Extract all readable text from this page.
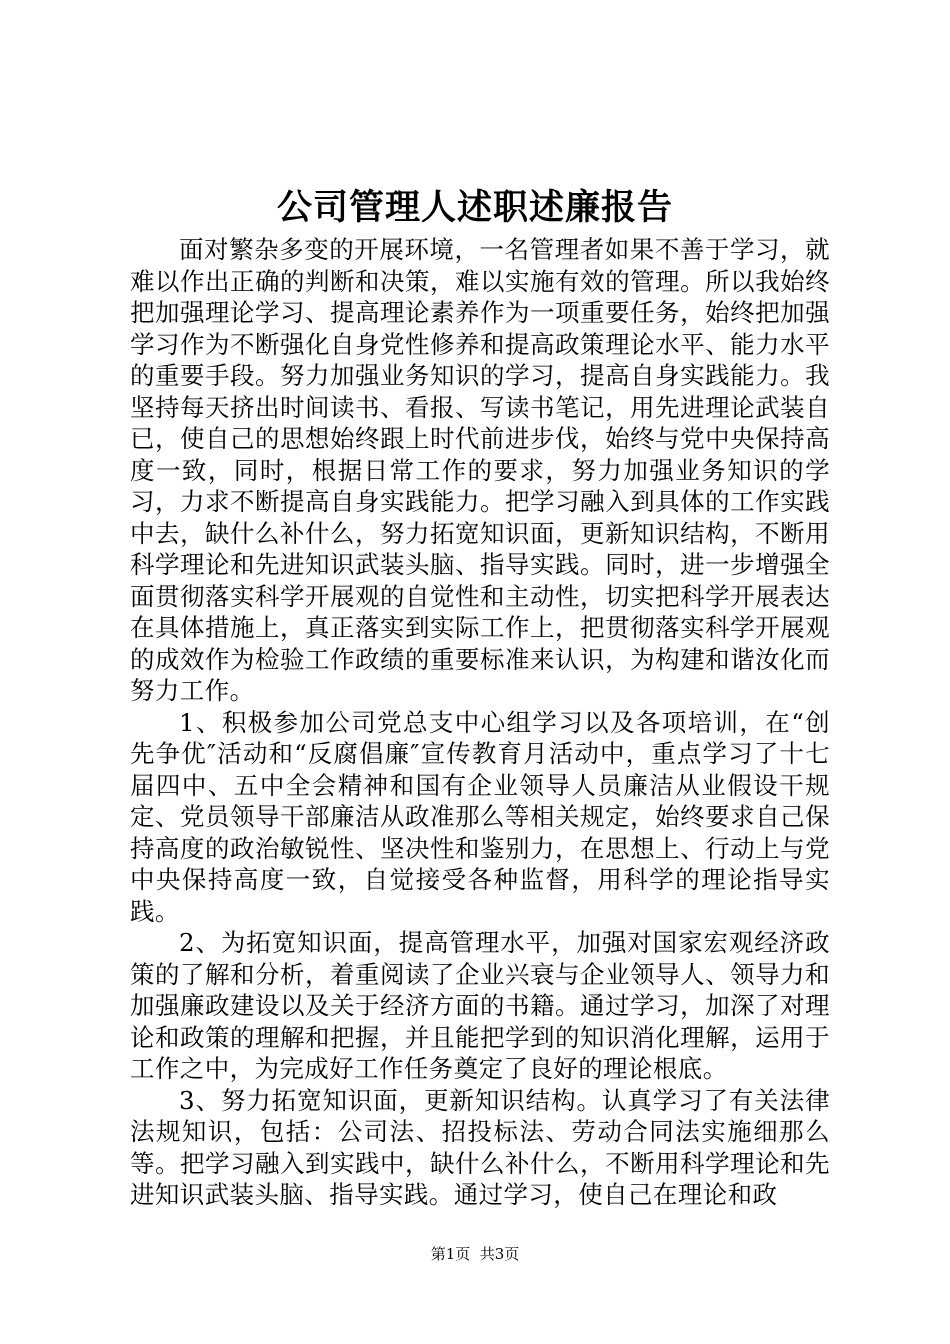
公司管理人述职述廉报告

面对繁杂多变的开展环境，一名管理者如果不善于学习，就难以作出正确的判断和决策，难以实施有效的管理。所以我始终把加强理论学习、提高理论素养作为一项重要任务，始终把加强学习作为不断强化自身党性修养和提高政策理论水平、能力水平的重要手段。努力加强业务知识的学习，提高自身实践能力。我坚持每天挤出时间读书、看报、写读书笔记，用先进理论武装自已，使自己的思想始终跟上时代前进步伐，始终与党中央保持高度一致，同时，根据日常工作的要求，努力加强业务知识的学习，力求不断提高自身实践能力。把学习融入到具体的工作实践中去，缺什么补什么，努力拓宽知识面，更新知识结构，不断用科学理论和先进知识武装头脑、指导实践。同时，进一步增强全面贯彻落实科学开展观的自觉性和主动性，切实把科学开展表达在具体措施上，真正落实到实际工作上，把贯彻落实科学开展观的成效作为检验工作政绩的重要标准来认识，为构建和谐汝化而努力工作。

1、积极参加公司党总支中心组学习以及各项培训，在“创先争优″活动和“反腐倡廉″宣传教育月活动中，重点学习了十七届四中、五中全会精神和国有企业领导人员廉洁从业假设干规定、党员领导干部廉洁从政准那么等相关规定，始终要求自己保持高度的政治敏锐性、坚决性和鉴别力，在思想上、行动上与党中央保持高度一致，自觉接受各种监督，用科学的理论指导实践。

2、为拓宽知识面，提高管理水平，加强对国家宏观经济政策的了解和分析，着重阅读了企业兴衰与企业领导人、领导力和加强廉政建设以及关于经济方面的书籍。通过学习，加深了对理论和政策的理解和把握，并且能把学到的知识消化理解，运用于工作之中，为完成好工作任务奠定了良好的理论根底。

3、努力拓宽知识面，更新知识结构。认真学习了有关法律法规知识，包括：公司法、招投标法、劳动合同法实施细那么等。把学习融入到实践中，缺什么补什么，不断用科学理论和先进知识武装头脑、指导实践。通过学习，使自己在理论和政

第1页  共3页
